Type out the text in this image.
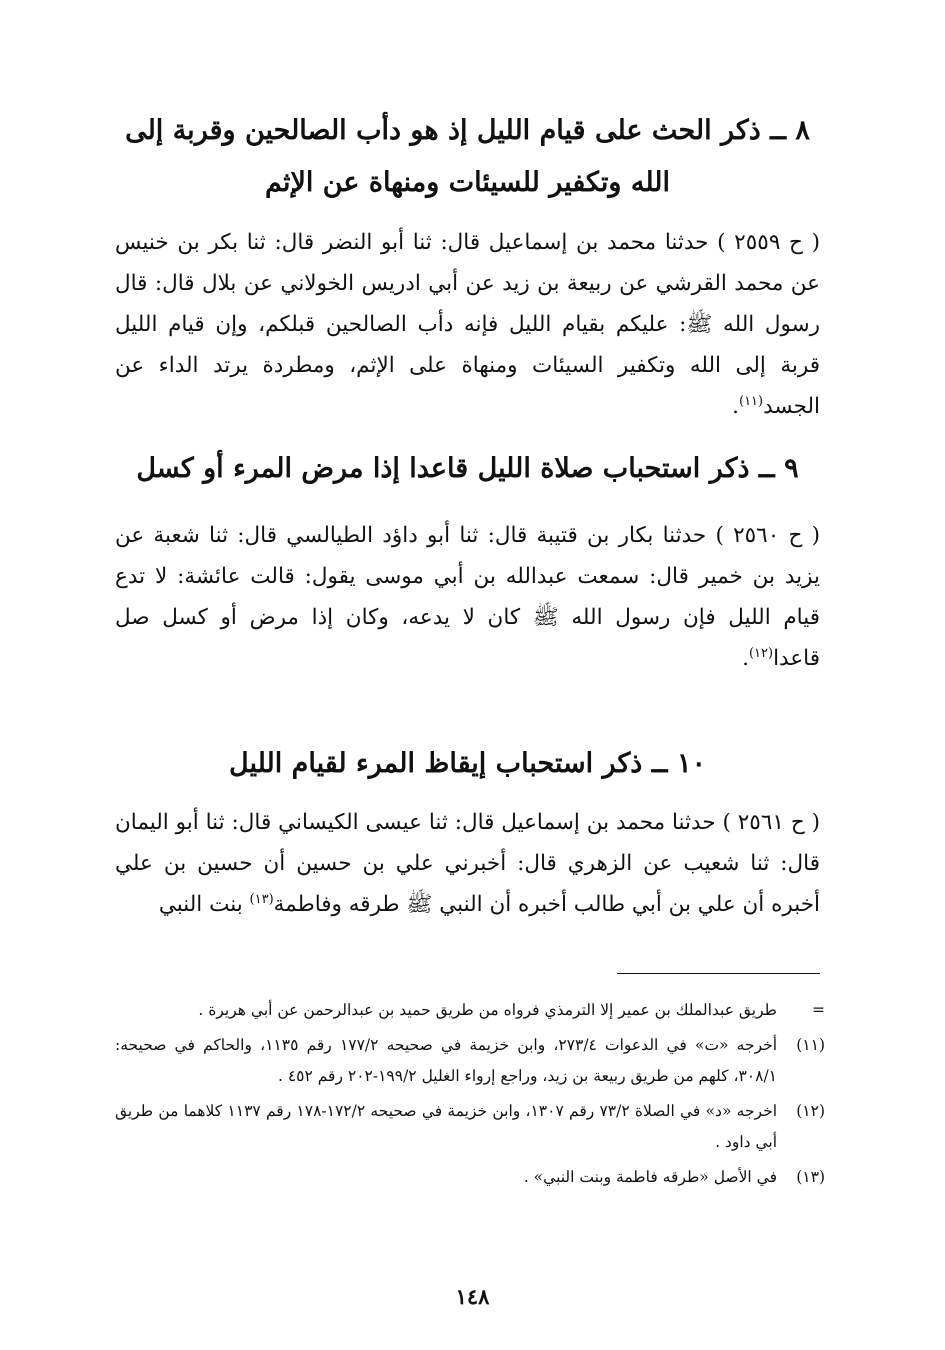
٨ ــ ذكر الحث على قيام الليل إذ هو دأب الصالحين وقربة إلى الله وتكفير للسيئات ومنهاة عن الإثم

( ح ٢٥٥٩ ) حدثنا محمد بن إسماعيل قال: ثنا أبو النضر قال: ثنا بكر بن خنيس عن محمد القرشي عن ربيعة بن زيد عن أبي ادريس الخولاني عن بلال قال: قال رسول الله ﷺ: عليكم بقيام الليل فإنه دأب الصالحين قبلكم، وإن قيام الليل قربة إلى الله وتكفير السيئات ومنهاة على الإثم، ومطردة يرتد الداء عن الجسد$^{(١١)}$.

٩ ــ ذكر استحباب صلاة الليل قاعدا إذا مرض المرء أو كسل

( ح ٢٥٦٠ ) حدثنا بكار بن قتيبة قال: ثنا أبو داؤد الطيالسي قال: ثنا شعبة عن يزيد بن خمير قال: سمعت عبدالله بن أبي موسى يقول: قالت عائشة: لا تدع قيام الليل فإن رسول الله ﷺ كان لا يدعه، وكان إذا مرض أو كسل صل قاعدا$^{(١٢)}$.

١٠ ــ ذكر استحباب إيقاظ المرء لقيام الليل

( ح ٢٥٦١ ) حدثنا محمد بن إسماعيل قال: ثنا عيسى الكيساني قال: ثنا أبو اليمان قال: ثنا شعيب عن الزهري قال: أخبرني علي بن حسين أن حسين بن علي أخبره أن علي بن أبي طالب أخبره أن النبي ﷺ طرقه وفاطمة$^{(١٣)}$ بنت النبي

=
طريق عبدالملك بن عمير إلا الترمذي فرواه من طريق حميد بن عبدالرحمن عن أبي هريرة .
(١١)
أخرجه «ت» في الدعوات ٢٧٣/٤، وابن خزيمة في صحيحه ١٧٧/٢ رقم ١١٣٥، والحاكم في صحيحه: ٣٠٨/١، كلهم من طريق ربيعة بن زيد، وراجع إرواء الغليل ١٩٩/٢-٢٠٢ رقم ٤٥٢ .
(١٢)
اخرجه «د» في الصلاة ٧٣/٢ رقم ١٣٠٧، وابن خزيمة في صحيحه ١٧٢/٢-١٧٨ رقم ١١٣٧ كلاهما من طريق أبي داود .
(١٣)
في الأصل «طرقه فاطمة وبنت النبي» .
١٤٨
